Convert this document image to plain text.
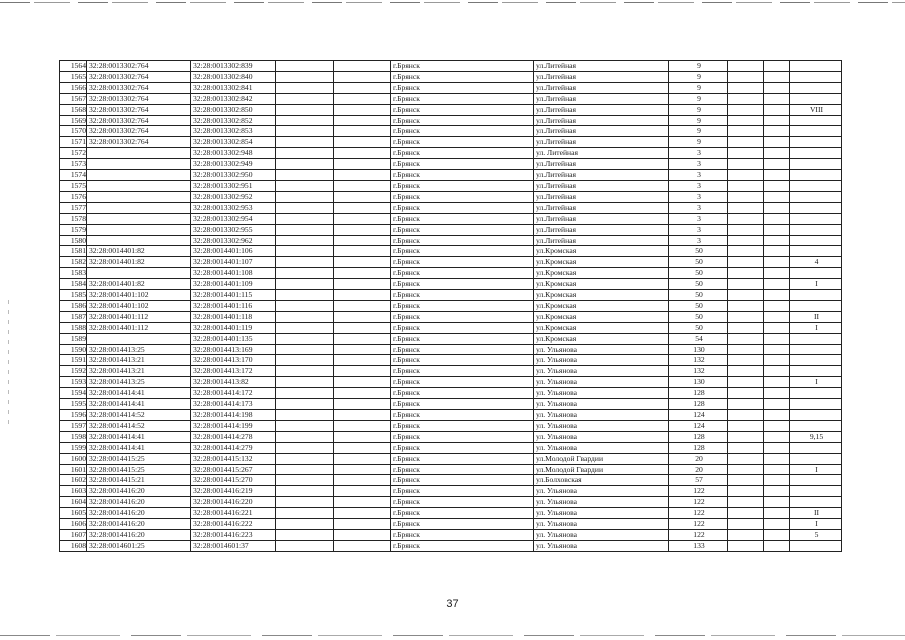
1564	32:28:0013302:764	32:28:0013302:839			г.Брянск	ул.Литейная	9			
1565	32:28:0013302:764	32:28:0013302:840			г.Брянск	ул.Литейная	9			
1566	32:28:0013302:764	32:28:0013302:841			г.Брянск	ул.Литейная	9			
1567	32:28:0013302:764	32:28:0013302:842			г.Брянск	ул.Литейная	9			
1568	32:28:0013302:764	32:28:0013302:850			г.Брянск	ул.Литейная	9			VIII
1569	32:28:0013302:764	32:28:0013302:852			г.Брянск	ул.Литейная	9			
1570	32:28:0013302:764	32:28:0013302:853			г.Брянск	ул.Литейная	9			
1571	32:28:0013302:764	32:28:0013302:854			г.Брянск	ул.Литейная	9			
1572		32:28:0013302:948			г.Брянск	ул. Литейная	3			
1573		32:28:0013302:949			г.Брянск	ул.Литейная	3			
1574		32:28:0013302:950			г.Брянск	ул.Литейная	3			
1575		32:28:0013302:951			г.Брянск	ул.Литейная	3			
1576		32:28:0013302:952			г.Брянск	ул.Литейная	3			
1577		32:28:0013302:953			г.Брянск	ул.Литейная	3			
1578		32:28:0013302:954			г.Брянск	ул.Литейная	3			
1579		32:28:0013302:955			г.Брянск	ул.Литейная	3			
1580		32:28:0013302:962			г.Брянск	ул.Литейная	3			
1581	32:28:0014401:82	32:28:0014401:106			г.Брянск	ул.Кромская	50			
1582	32:28:0014401:82	32:28:0014401:107			г.Брянск	ул.Кромская	50			4
1583		32:28:0014401:108			г.Брянск	ул.Кромская	50			
1584	32:28:0014401:82	32:28:0014401:109			г.Брянск	ул.Кромская	50			I
1585	32:28:0014401:102	32:28:0014401:115			г.Брянск	ул.Кромская	50			
1586	32:28:0014401:102	32:28:0014401:116			г.Брянск	ул.Кромская	50			
1587	32:28:0014401:112	32:28:0014401:118			г.Брянск	ул.Кромская	50			II
1588	32:28:0014401:112	32:28:0014401:119			г.Брянск	ул.Кромская	50			I
1589		32:28:0014401:135			г.Брянск	ул.Кромская	54			
1590	32:28:0014413:25	32:28:0014413:169			г.Брянск	ул. Ульянова	130			
1591	32:28:0014413:21	32:28:0014413:170			г.Брянск	ул. Ульянова	132			
1592	32:28:0014413:21	32:28:0014413:172			г.Брянск	ул. Ульянова	132			
1593	32:28:0014413:25	32:28:0014413:82			г.Брянск	ул. Ульянова	130			I
1594	32:28:0014414:41	32:28:0014414:172			г.Брянск	ул. Ульянова	128			
1595	32:28:0014414:41	32:28:0014414:173			г.Брянск	ул. Ульянова	128			
1596	32:28:0014414:52	32:28:0014414:198			г.Брянск	ул. Ульянова	124			
1597	32:28:0014414:52	32:28:0014414:199			г.Брянск	ул. Ульянова	124			
1598	32:28:0014414:41	32:28:0014414:278			г.Брянск	ул. Ульянова	128			9,15
1599	32:28:0014414:41	32:28:0014414:279			г.Брянск	ул. Ульянова	128			
1600	32:28:0014415:25	32:28:0014415:132			г.Брянск	ул.Молодой Гвардии	20			
1601	32:28:0014415:25	32:28:0014415:267			г.Брянск	ул.Молодой Гвардии	20			I
1602	32:28:0014415:21	32:28:0014415:270			г.Брянск	ул.Болховская	57			
1603	32:28:0014416:20	32:28:0014416:219			г.Брянск	ул. Ульянова	122			
1604	32:28:0014416:20	32:28:0014416:220			г.Брянск	ул. Ульянова	122			
1605	32:28:0014416:20	32:28:0014416:221			г.Брянск	ул. Ульянова	122			II
1606	32:28:0014416:20	32:28:0014416:222			г.Брянск	ул. Ульянова	122			I
1607	32:28:0014416:20	32:28:0014416:223			г.Брянск	ул. Ульянова	122			5
1608	32:28:0014601:25	32:28:0014601:37			г.Брянск	ул. Ульянова	133			
37
